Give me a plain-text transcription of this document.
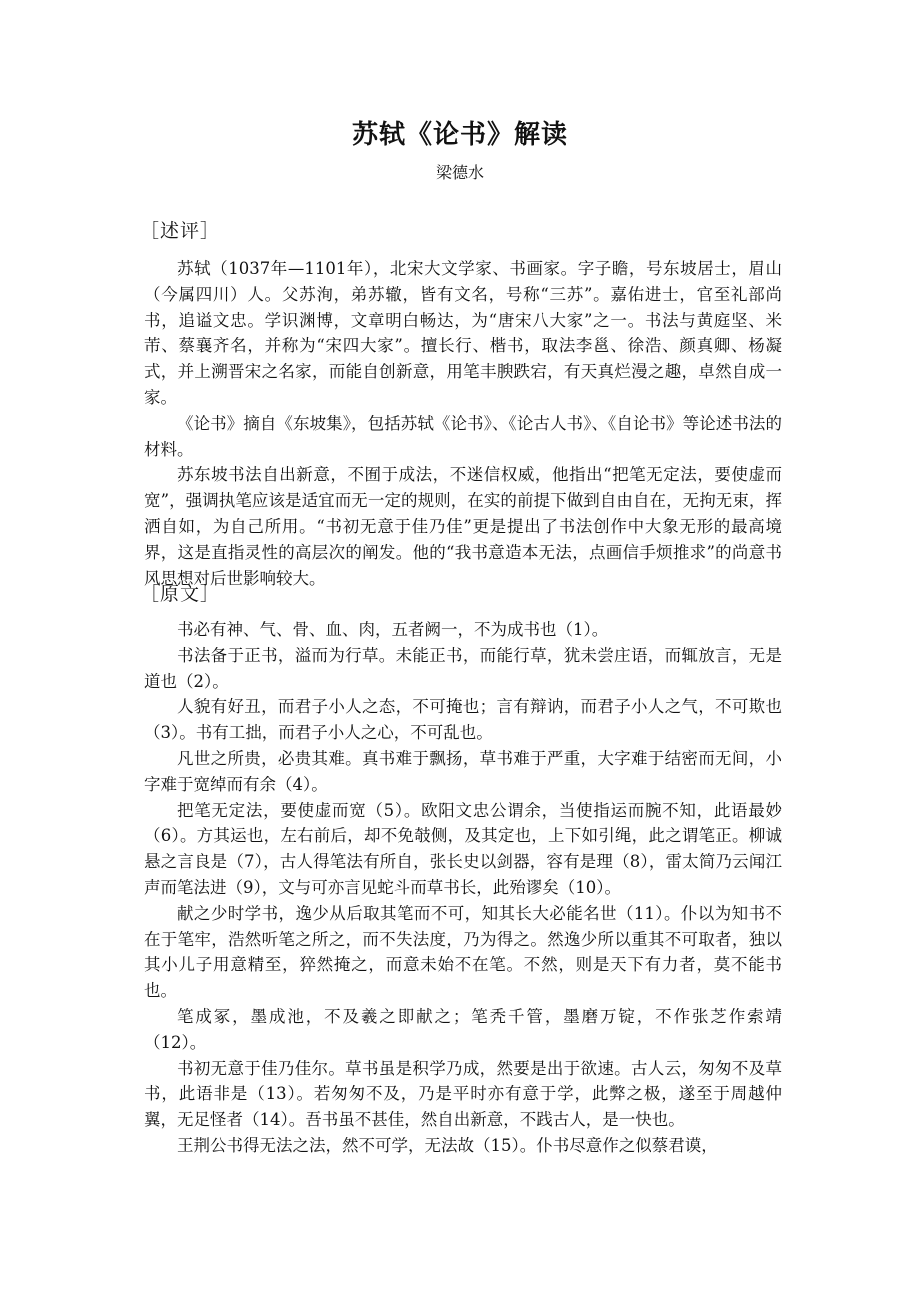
苏轼《论书》解读
梁德水
［述评］

苏轼（1037年—1101年），北宋大文学家、书画家。字子瞻，号东坡居士，眉山（今属四川）人。父苏洵，弟苏辙，皆有文名，号称“三苏”。嘉佑进士，官至礼部尚书，追谥文忠。学识渊博，文章明白畅达，为“唐宋八大家”之一。书法与黄庭坚、米芾、蔡襄齐名，并称为“宋四大家”。擅长行、楷书，取法李邕、徐浩、颜真卿、杨凝式，并上溯晋宋之名家，而能自创新意，用笔丰腴跌宕，有天真烂漫之趣，卓然自成一家。

《论书》摘自《东坡集》，包括苏轼《论书》、《论古人书》、《自论书》等论述书法的材料。

苏东坡书法自出新意，不囿于成法，不迷信权威，他指出“把笔无定法，要使虚而宽”，强调执笔应该是适宜而无一定的规则，在实的前提下做到自由自在，无拘无束，挥洒自如，为自己所用。“书初无意于佳乃佳”更是提出了书法创作中大象无形的最高境界，这是直指灵性的高层次的阐发。他的“我书意造本无法，点画信手烦推求”的尚意书风思想对后世影响较大。

［原文］

书必有神、气、骨、血、肉，五者阙一，不为成书也（1）。

书法备于正书，溢而为行草。未能正书，而能行草，犹未尝庄语，而辄放言，无是道也（2）。

人貌有好丑，而君子小人之态，不可掩也；言有辩讷，而君子小人之气，不可欺也（3）。书有工拙，而君子小人之心，不可乱也。

凡世之所贵，必贵其难。真书难于飘扬，草书难于严重，大字难于结密而无间，小字难于宽绰而有余（4）。

把笔无定法，要使虚而宽（5）。欧阳文忠公谓余，当使指运而腕不知，此语最妙（6）。方其运也，左右前后，却不免攲侧，及其定也，上下如引绳，此之谓笔正。柳诚悬之言良是（7），古人得笔法有所自，张长史以剑器，容有是理（8），雷太简乃云闻江声而笔法进（9），文与可亦言见蛇斗而草书长，此殆谬矣（10）。

献之少时学书，逸少从后取其笔而不可，知其长大必能名世（11）。仆以为知书不在于笔牢，浩然听笔之所之，而不失法度，乃为得之。然逸少所以重其不可取者，独以其小儿子用意精至，猝然掩之，而意未始不在笔。不然，则是天下有力者，莫不能书也。

笔成冢，墨成池，不及羲之即献之；笔秃千管，墨磨万锭，不作张芝作索靖（12）。

书初无意于佳乃佳尔。草书虽是积学乃成，然要是出于欲速。古人云，匆匆不及草书，此语非是（13）。若匆匆不及，乃是平时亦有意于学，此弊之极，遂至于周越仲翼，无足怪者（14）。吾书虽不甚佳，然自出新意，不践古人，是一快也。

王荆公书得无法之法，然不可学，无法故（15）。仆书尽意作之似蔡君谟，
